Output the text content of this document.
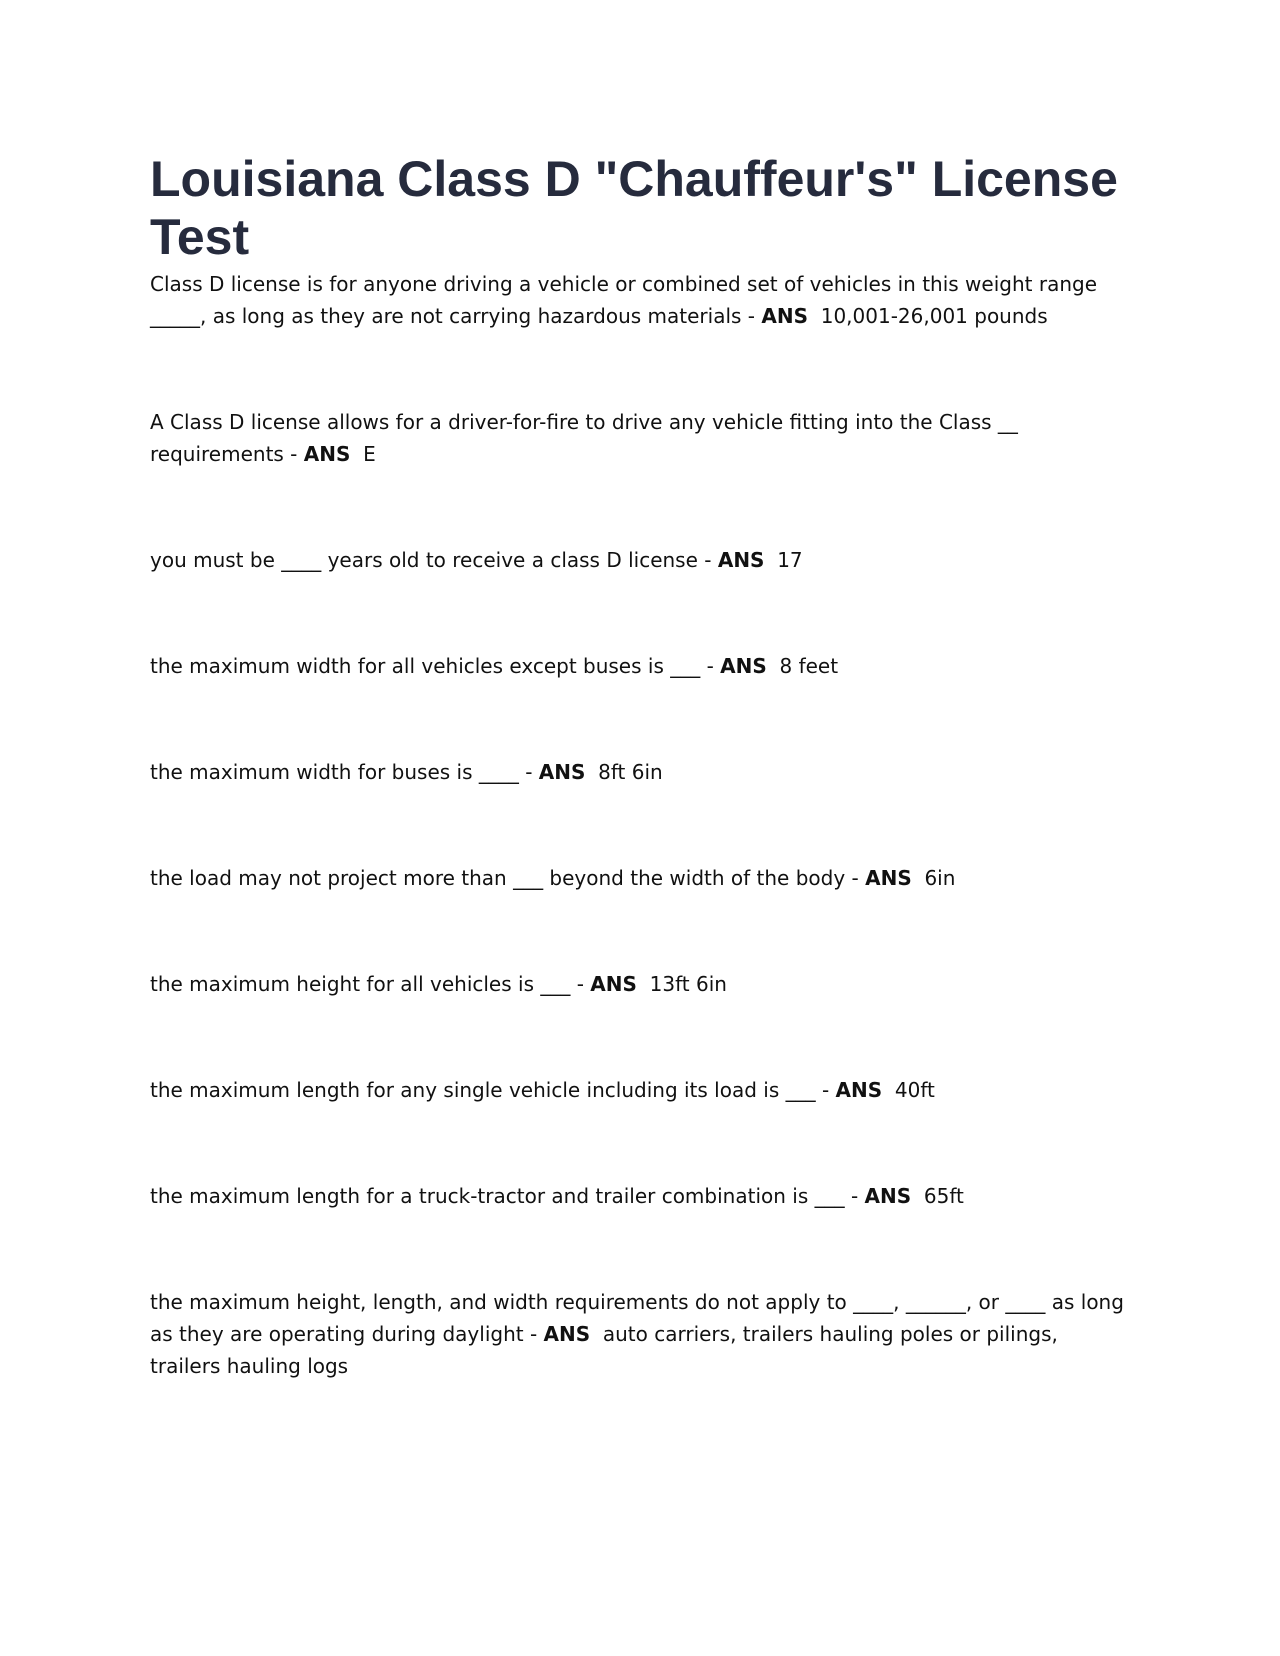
Louisiana Class D "Chauffeur's" License Test

Class D license is for anyone driving a vehicle or combined set of vehicles in this weight range _____, as long as they are not carrying hazardous materials - ANS 10,001-26,001 pounds

A Class D license allows for a driver-for-fire to drive any vehicle fitting into the Class __ requirements - ANS E

you must be ____ years old to receive a class D license - ANS 17

the maximum width for all vehicles except buses is ___ - ANS 8 feet

the maximum width for buses is ____ - ANS 8ft 6in

the load may not project more than ___ beyond the width of the body - ANS 6in

the maximum height for all vehicles is ___ - ANS 13ft 6in

the maximum length for any single vehicle including its load is ___ - ANS 40ft

the maximum length for a truck-tractor and trailer combination is ___ - ANS 65ft

the maximum height, length, and width requirements do not apply to ____, ______, or ____ as long as they are operating during daylight - ANS auto carriers, trailers hauling poles or pilings, trailers hauling logs
